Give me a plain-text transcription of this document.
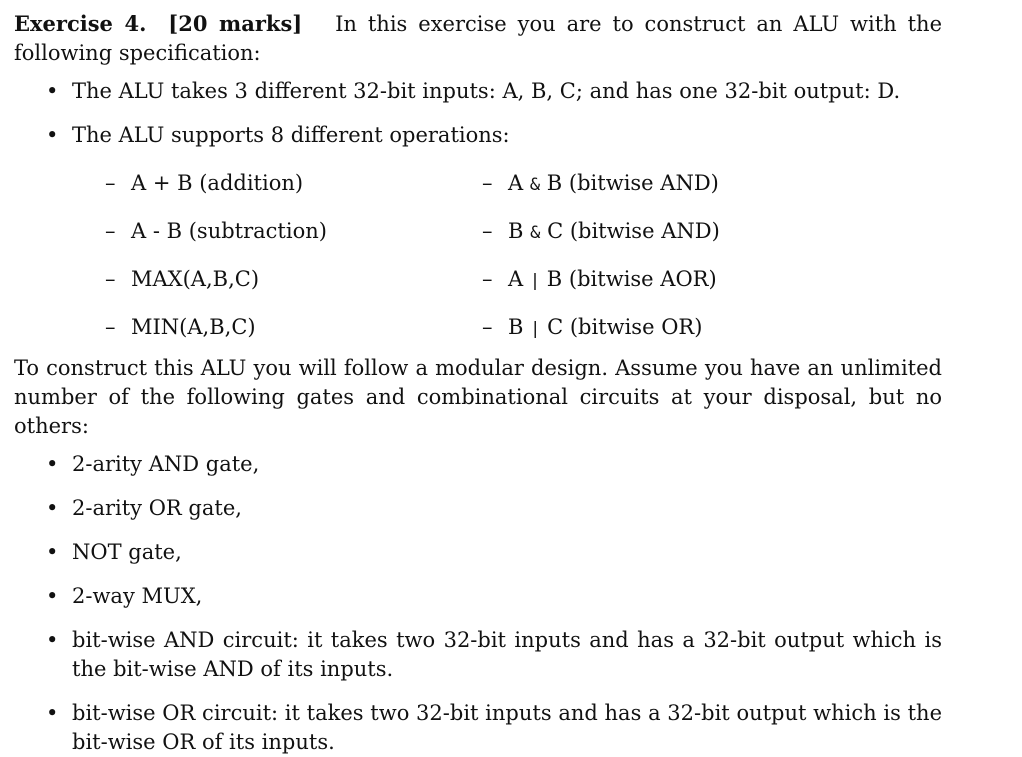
Exercise 4. [20 marks] In this exercise you are to construct an ALU with the following specification:
• The ALU takes 3 different 32-bit inputs: A, B, C; and has one 32-bit output: D.
• The ALU supports 8 different operations:
– A + B (addition)
– A - B (subtraction)
– MAX(A,B,C)
– MIN(A,B,C)
– A & B (bitwise AND)
– B & C (bitwise AND)
– A | B (bitwise AOR)
– B | C (bitwise OR)
To construct this ALU you will follow a modular design. Assume you have an unlimited number of the following gates and combinational circuits at your disposal, but no others:
• 2-arity AND gate,
• 2-arity OR gate,
• NOT gate,
• 2-way MUX,
• bit-wise AND circuit: it takes two 32-bit inputs and has a 32-bit output which is the bit-wise AND of its inputs.
• bit-wise OR circuit: it takes two 32-bit inputs and has a 32-bit output which is the bit-wise OR of its inputs.
